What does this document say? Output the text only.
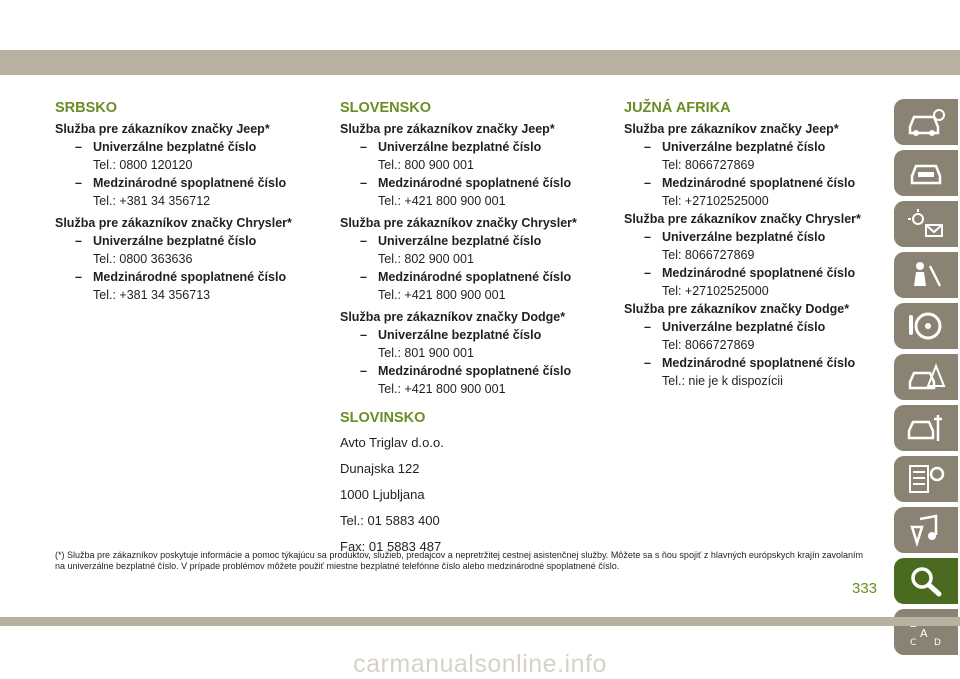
SRBSKO
Služba pre zákazníkov značky Jeep*
– Univerzálne bezplatné číslo
Tel.: 0800 120120
– Medzinárodné spoplatnené číslo
Tel.: +381 34 356712
Služba pre zákazníkov značky Chrysler*
– Univerzálne bezplatné číslo
Tel.: 0800 363636
– Medzinárodné spoplatnené číslo
Tel.: +381 34 356713
SLOVENSKO
Služba pre zákazníkov značky Jeep*
– Univerzálne bezplatné číslo
Tel.: 800 900 001
– Medzinárodné spoplatnené číslo
Tel.: +421 800 900 001
Služba pre zákazníkov značky Chrysler*
– Univerzálne bezplatné číslo
Tel.: 802 900 001
– Medzinárodné spoplatnené číslo
Tel.: +421 800 900 001
Služba pre zákazníkov značky Dodge*
– Univerzálne bezplatné číslo
Tel.: 801 900 001
– Medzinárodné spoplatnené číslo
Tel.: +421 800 900 001
SLOVINSKO

Avto Triglav d.o.o.

Dunajska 122

1000 Ljubljana

Tel.: 01 5883 400

Fax: 01 5883 487

JUŽNÁ AFRIKA
Služba pre zákazníkov značky Jeep*
– Univerzálne bezplatné číslo
Tel: 8066727869
– Medzinárodné spoplatnené číslo
Tel: +27102525000
Služba pre zákazníkov značky Chrysler*
– Univerzálne bezplatné číslo
Tel: 8066727869
– Medzinárodné spoplatnené číslo
Tel: +27102525000
Služba pre zákazníkov značky Dodge*
– Univerzálne bezplatné číslo
Tel: 8066727869
– Medzinárodné spoplatnené číslo
Tel.: nie je k dispozícii
A
C D
(*) Služba pre zákazníkov poskytuje informácie a pomoc týkajúcu sa produktov, služieb, predajcov a nepretržitej cestnej asistenčnej služby. Môžete sa s ňou spojiť z hlavných európskych krajín zavolaním na univerzálne bezplatné číslo. V prípade problémov môžete použiť miestne bezplatné telefónne číslo alebo medzinárodné spoplatnené číslo.
333
carmanualsonline.info
